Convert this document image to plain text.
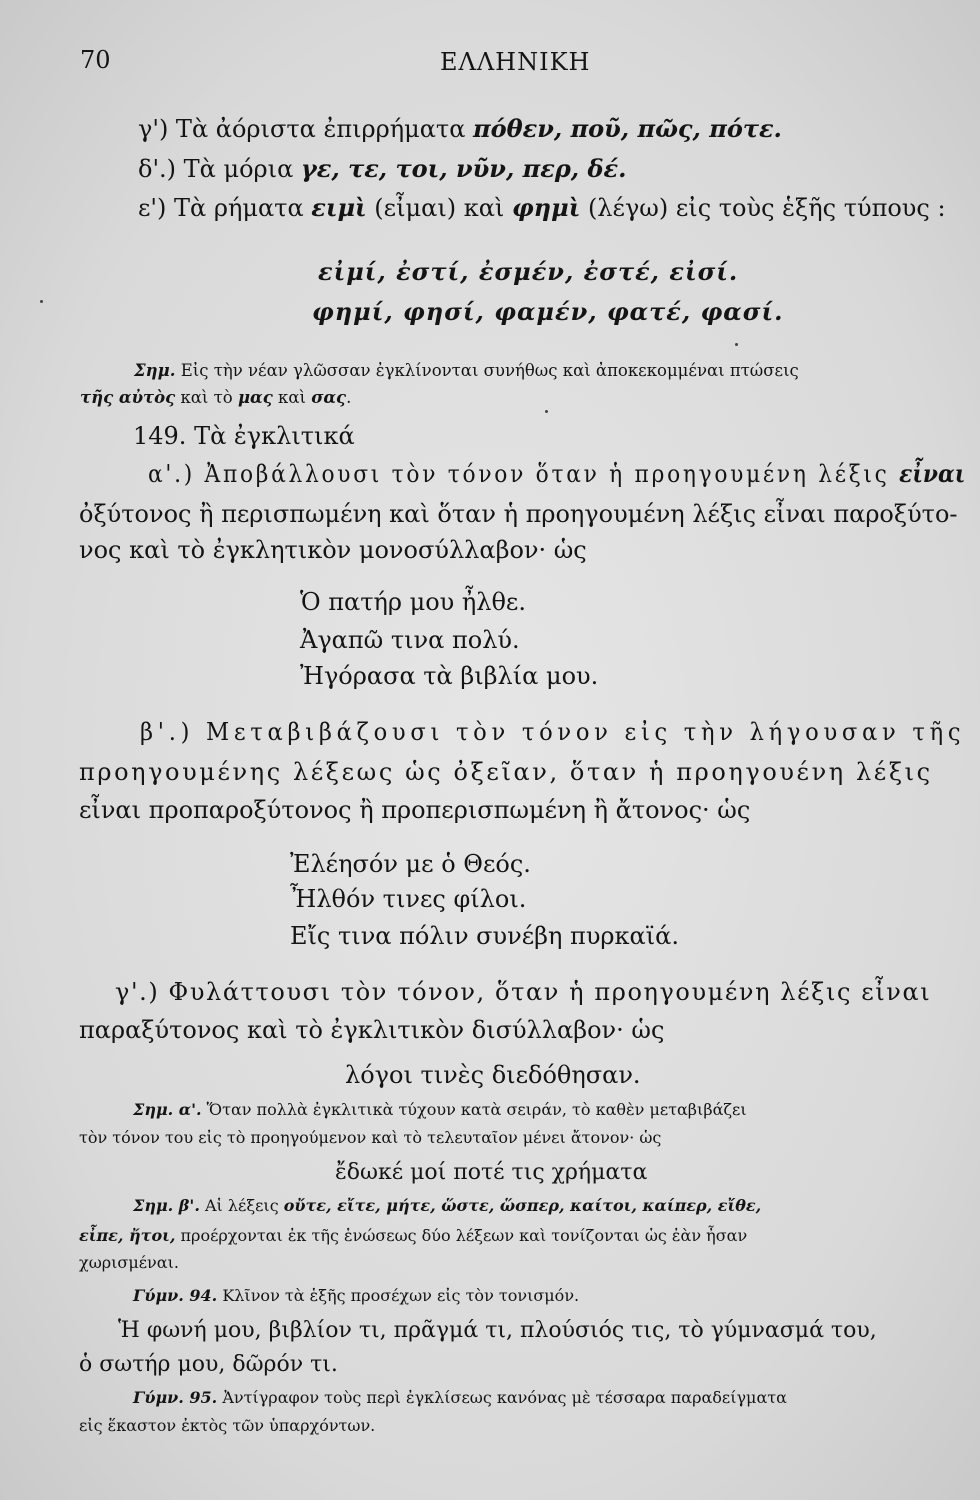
70	ΕΛΛΗΝΙΚΗ
γ') Τὰ ἀόριστα ἐπιρρήματα πόθεν, ποῦ, πῶς, πότε.
δ'.) Τὰ μόρια γε, τε, τοι, νῦν, περ, δέ.
ε') Τὰ ρήματα ειμὶ (εἶμαι) καὶ φημὶ (λέγω) εἰς τοὺς ἑξῆς τύπους :
εἰμί, ἐστί, ἐσμέν, ἐστέ, εἰσί.
φημί, φησί, φαμέν, φατέ, φασί.
Σημ. Εἰς τὴν νέαν γλῶσσαν ἐγκλίνονται συνήθως καὶ ἀποκεκομμέναι πτώσεις
τῆς αὐτὸς καὶ τὸ μας καὶ σας.
149. Τὰ ἐγκλιτικά
α'.) Ἀποβάλλουσι τὸν τόνον ὅταν ἡ προηγουμένη λέξις εἶναι
ὀξύτονος ἢ περισπωμένη καὶ ὅταν ἡ προηγουμένη λέξις εἶναι παροξύτο-
νος καὶ τὸ ἐγκλητικὸν μονοσύλλαβον· ὡς
Ὁ πατήρ μου ἦλθε.
Ἀγαπῶ τινα πολύ.
Ἠγόρασα τὰ βιβλία μου.
β'.) Μεταβιβάζουσι τὸν τόνον εἰς τὴν λήγουσαν τῆς
προηγουμένης λέξεως ὡς ὀξεῖαν, ὅταν ἡ προηγουένη λέξις
εἶναι προπαροξύτονος ἢ προπερισπωμένη ἢ ἄτονος· ὡς
Ἐλέησόν με ὁ Θεός.
Ἦλθόν τινες φίλοι.
Εἴς τινα πόλιν συνέβη πυρκαϊά.
γ'.) Φυλάττουσι τὸν τόνον, ὅταν ἡ προηγουμένη λέξις εἶναι
παραξύτονος καὶ τὸ ἐγκλιτικὸν δισύλλαβον· ὡς
λόγοι τινὲς διεδόθησαν.
Σημ. α'. Ὅταν πολλὰ ἐγκλιτικὰ τύχουν κατὰ σειράν, τὸ καθὲν μεταβιβάζει
τὸν τόνον του εἰς τὸ προηγούμενον καὶ τὸ τελευταῖον μένει ἄτονον· ὡς
ἔδωκέ μοί ποτέ τις χρήματα
Σημ. β'. Αἱ λέξεις οὔτε, εἴτε, μήτε, ὥστε, ὥσπερ, καίτοι, καίπερ, εἴθε,
εἶπε, ἤτοι, προέρχονται ἐκ τῆς ἑνώσεως δύο λέξεων καὶ τονίζονται ὡς ἐὰν ἦσαν
χωρισμέναι.
Γύμν. 94. Κλῖνον τὰ ἑξῆς προσέχων εἰς τὸν τονισμόν.
Ἡ φωνή μου, βιβλίον τι, πρᾶγμά τι, πλούσιός τις, τὸ γύμνασμά του,
ὁ σωτήρ μου, δῶρόν τι.
Γύμν. 95. Ἀντίγραφον τοὺς περὶ ἐγκλίσεως κανόνας μὲ τέσσαρα παραδείγματα
εἰς ἕκαστον ἐκτὸς τῶν ὑπαρχόντων.
